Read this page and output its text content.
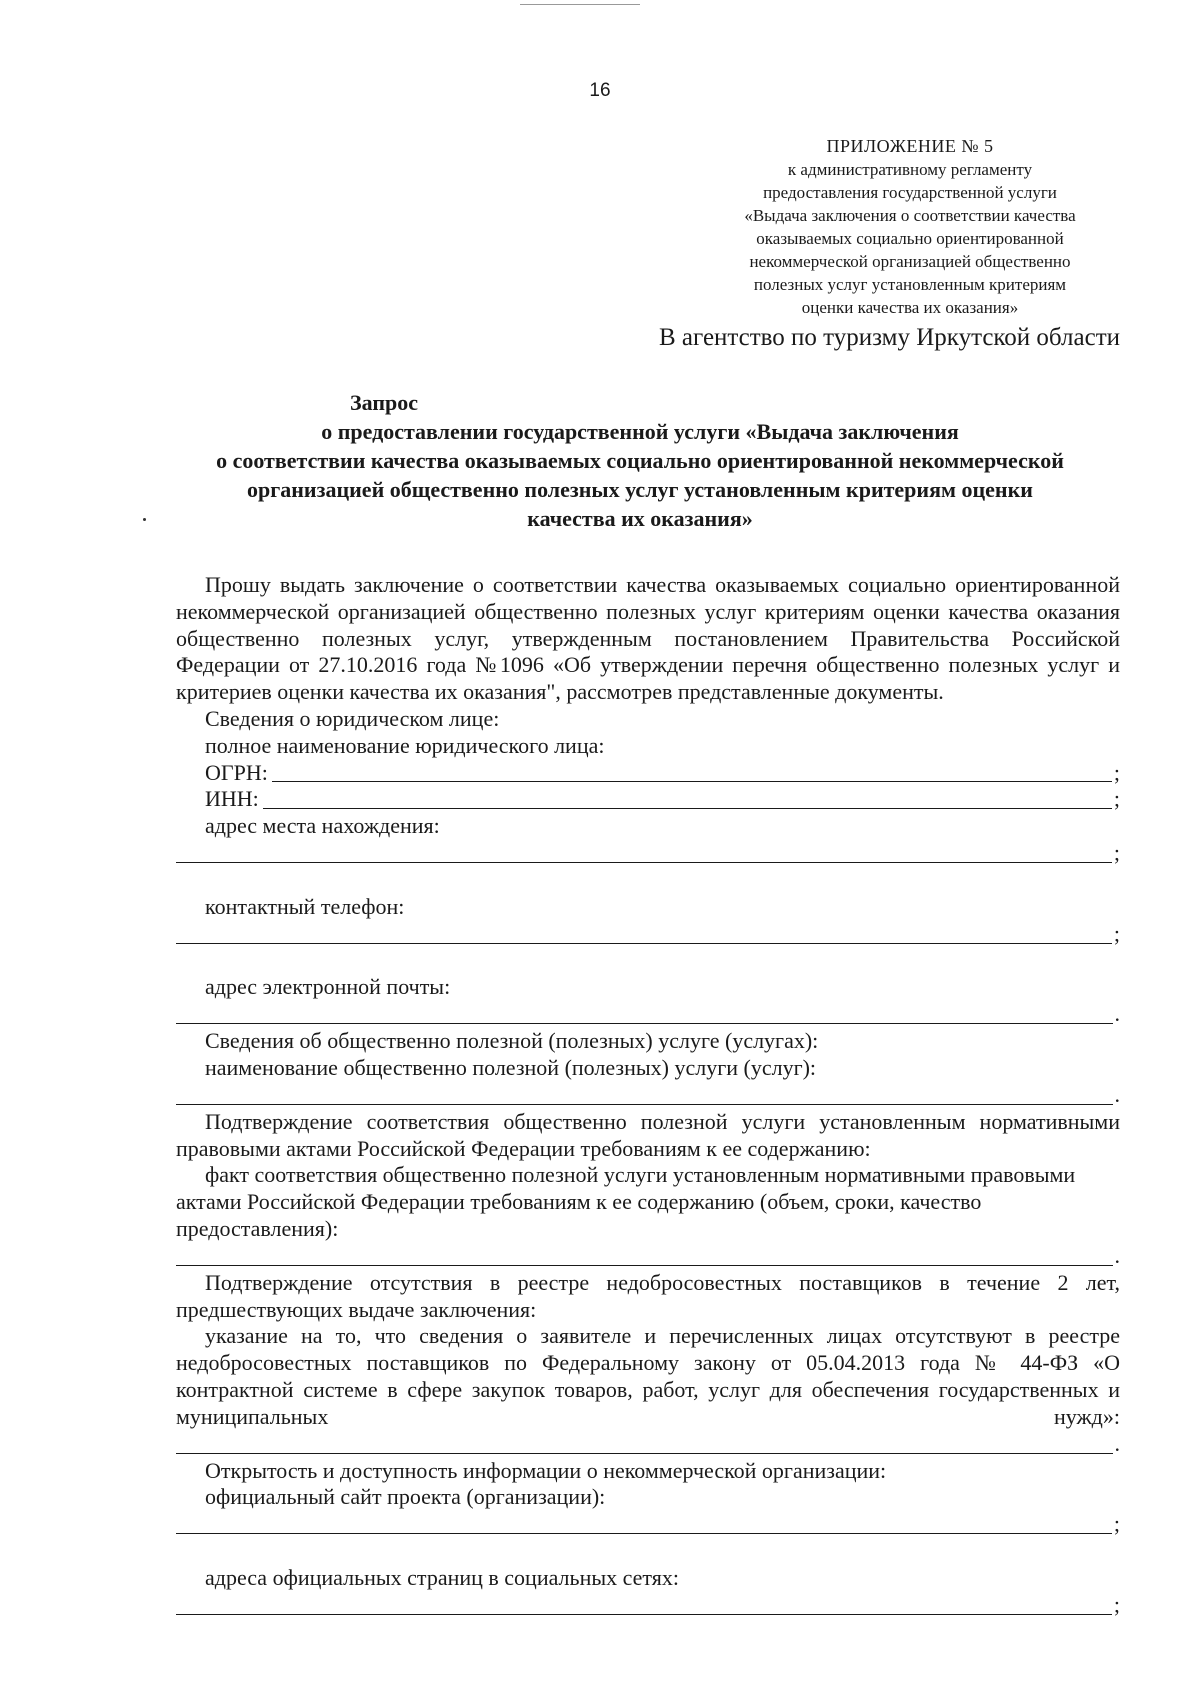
16
ПРИЛОЖЕНИЕ № 5
к административному регламенту
предоставления государственной услуги
«Выдача заключения о соответствии качества
оказываемых социально ориентированной
некоммерческой организацией общественно
полезных услуг установленным критериям
оценки качества их оказания»
В агентство по туризму Иркутской области
Запрос
о предоставлении государственной услуги «Выдача заключения
о соответствии качества оказываемых социально ориентированной некоммерческой
организацией общественно полезных услуг установленным критериям оценки
качества их оказания»

Прошу выдать заключение о соответствии качества оказываемых социально ориентированной некоммерческой организацией общественно полезных услуг критериям оценки качества оказания общественно полезных услуг, утвержденным постановлением Правительства Российской Федерации от 27.10.2016 года №1096 «Об утверждении перечня общественно полезных услуг и критериев оценки качества их оказания", рассмотрев представленные документы.

Сведения о юридическом лице:
полное наименование юридического лица:
ОГРН:	;
ИНН:	;
адрес места нахождения:
;
контактный телефон:
;
адрес электронной почты:
.
Сведения об общественно полезной (полезных) услуге (услугах):
наименование общественно полезной (полезных) услуги (услуг):
.

Подтверждение соответствия общественно полезной услуги установленным нормативными правовыми актами Российской Федерации требованиям к ее содержанию:

факт соответствия общественно полезной услуги установленным нормативными правовыми актами Российской Федерации требованиям к ее содержанию (объем, сроки, качество предоставления):

.

Подтверждение отсутствия в реестре недобросовестных поставщиков в течение 2 лет, предшествующих выдаче заключения:

указание на то, что сведения о заявителе и перечисленных лицах отсутствуют в реестре недобросовестных поставщиков по Федеральному закону от 05.04.2013 года № 44-ФЗ «О контрактной системе в сфере закупок товаров, работ, услуг для обеспечения государственных и муниципальных нужд»:

.
Открытость и доступность информации о некоммерческой организации:
официальный сайт проекта (организации):
;
адреса официальных страниц в социальных сетях:
;
